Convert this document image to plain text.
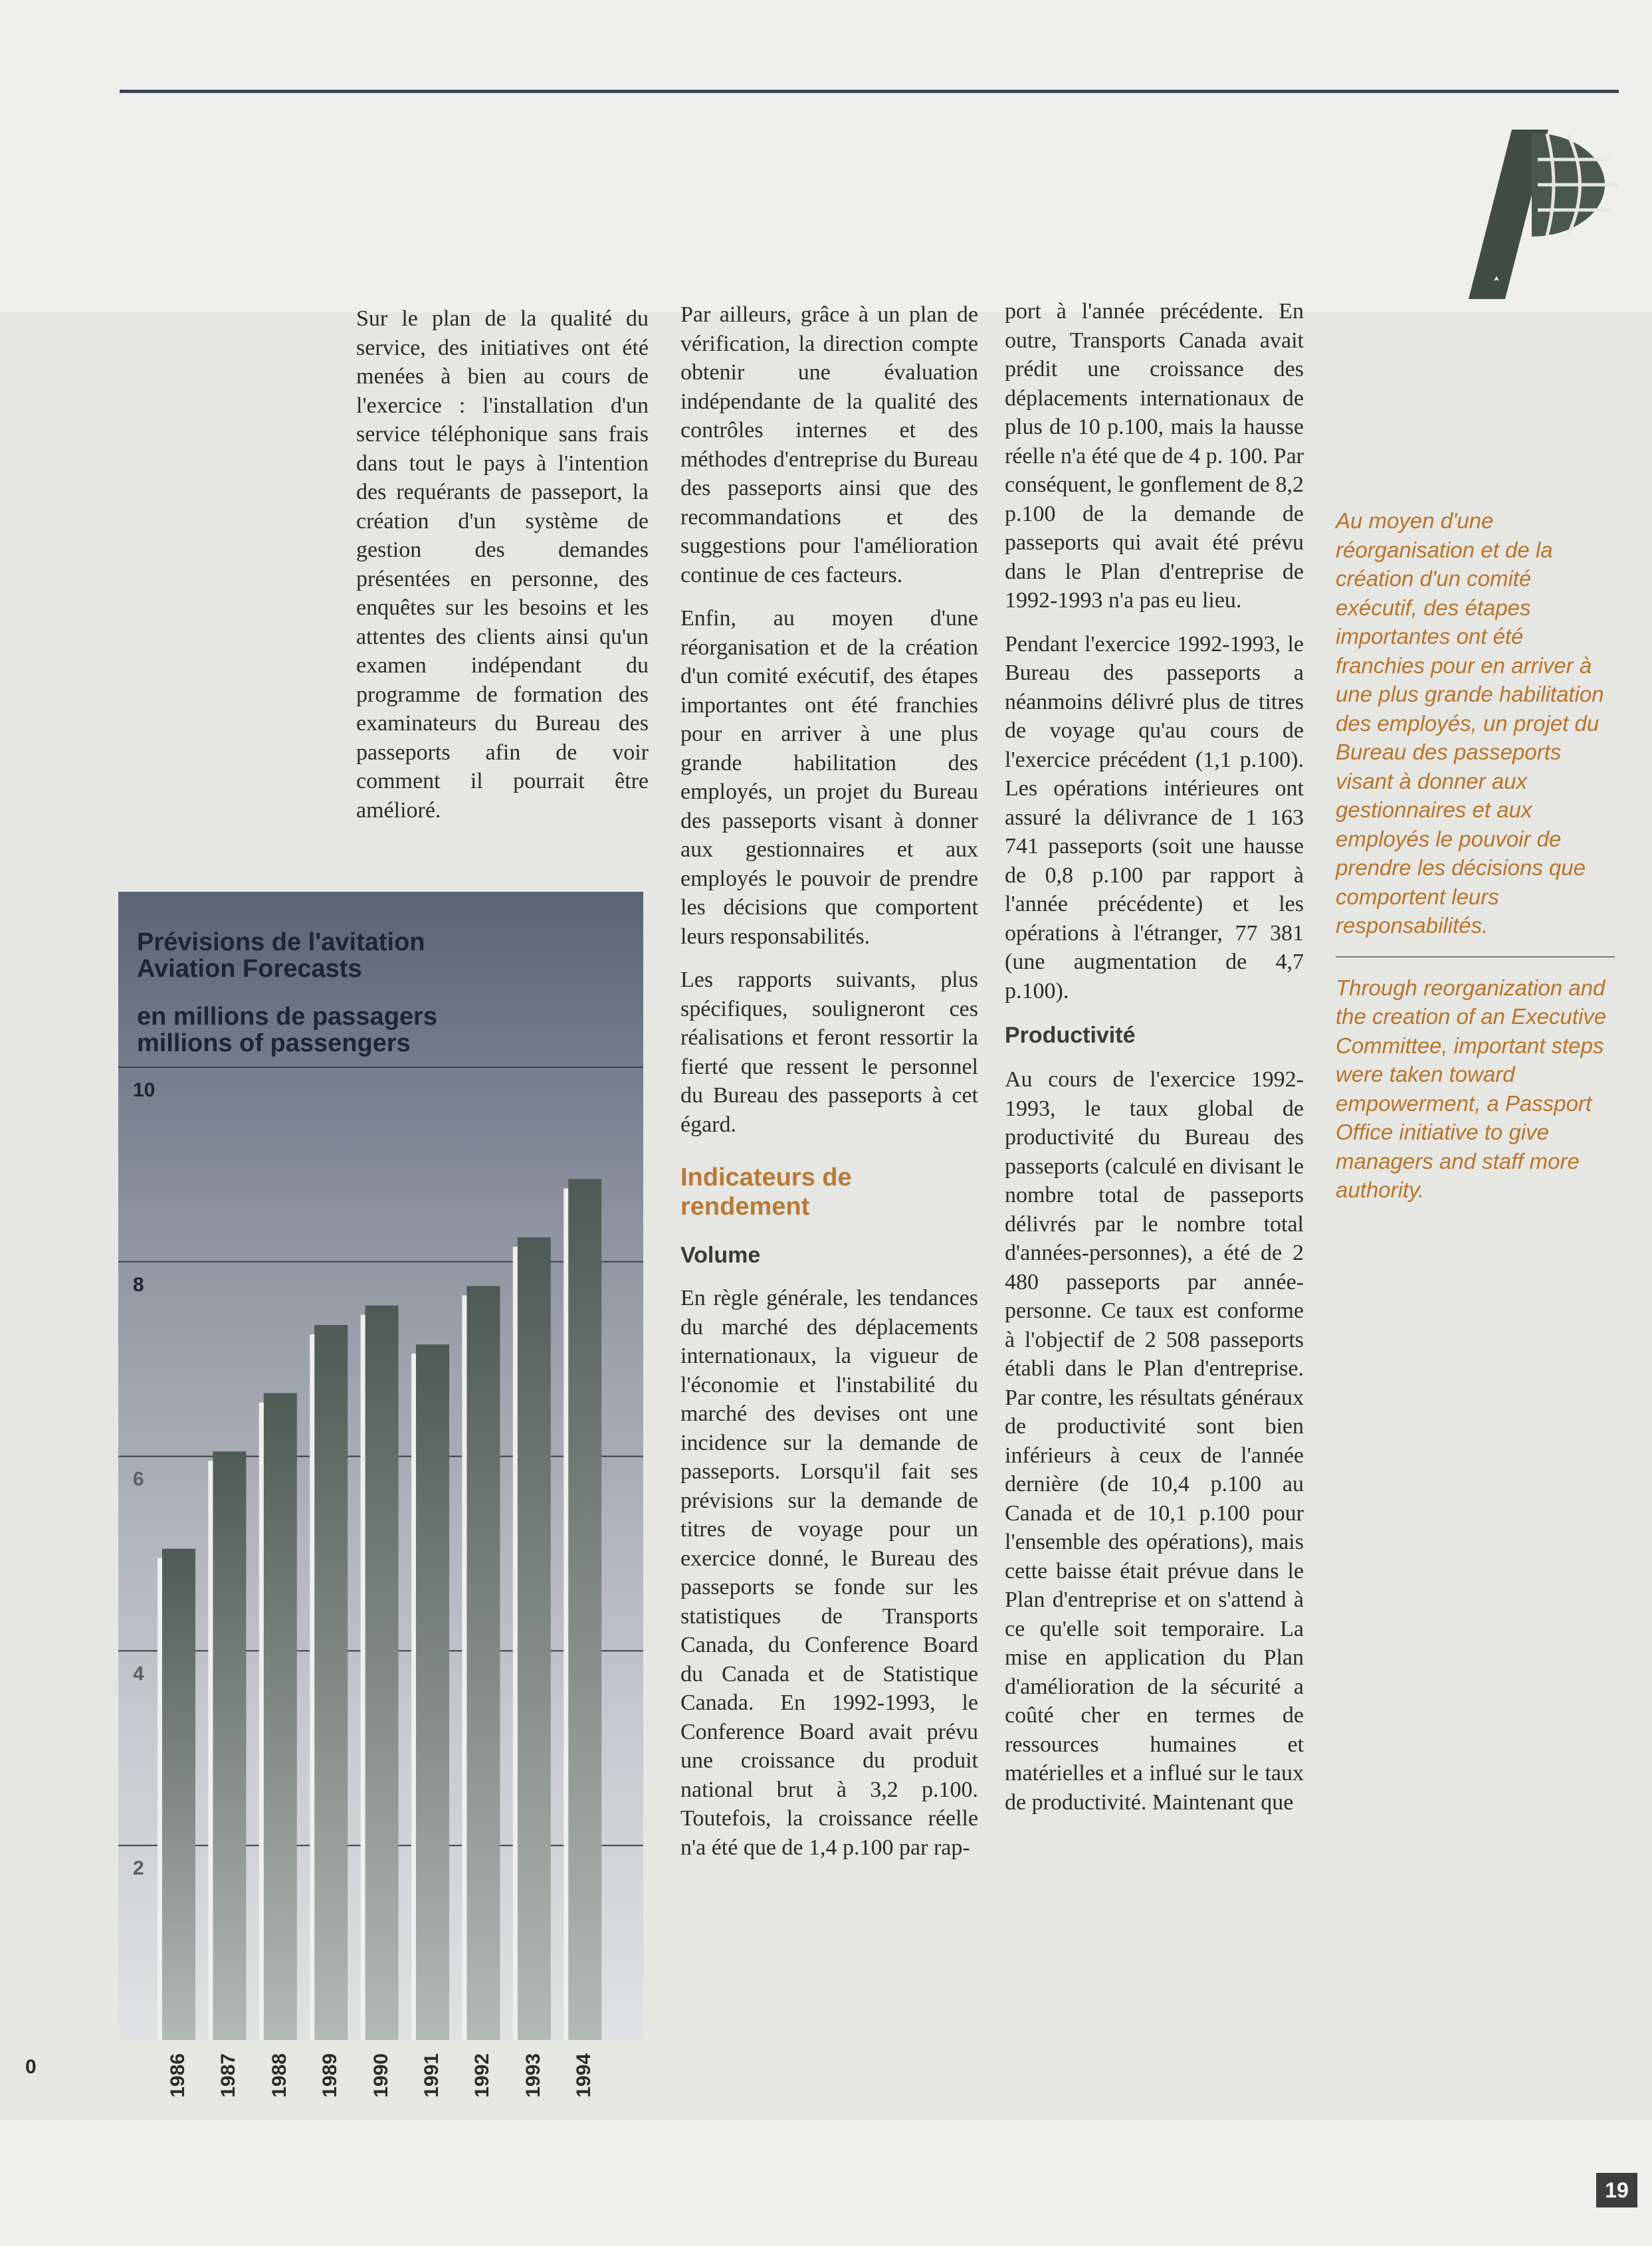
Sur le plan de la qualité du service, des initiatives ont été menées à bien au cours de l'exercice : l'installation d'un service téléphonique sans frais dans tout le pays à l'intention des requérants de passeport, la création d'un système de gestion des demandes présentées en personne, des enquêtes sur les besoins et les attentes des clients ainsi qu'un examen indépendant du programme de formation des examinateurs du Bureau des passeports afin de voir comment il pourrait être amélioré.

Par ailleurs, grâce à un plan de vérification, la direction compte obtenir une évaluation indépendante de la qualité des contrôles internes et des méthodes d'entreprise du Bureau des passeports ainsi que des recommandations et des suggestions pour l'amélioration continue de ces facteurs.

Enfin, au moyen d'une réorganisation et de la création d'un comité exécutif, des étapes importantes ont été franchies pour en arriver à une plus grande habilitation des employés, un projet du Bureau des passeports visant à donner aux gestionnaires et aux employés le pouvoir de prendre les décisions que comportent leurs responsabilités.

Les rapports suivants, plus spécifiques, souligneront ces réalisations et feront ressortir la fierté que ressent le personnel du Bureau des passeports à cet égard.

Indicateurs de rendement
Volume

En règle générale, les tendances du marché des déplacements internationaux, la vigueur de l'économie et l'instabilité du marché des devises ont une incidence sur la demande de passeports. Lorsqu'il fait ses prévisions sur la demande de titres de voyage pour un exercice donné, le Bureau des passeports se fonde sur les statistiques de Transports Canada, du Conference Board du Canada et de Statistique Canada. En 1992-1993, le Conference Board avait prévu une croissance du produit national brut à 3,2 p.100. Toutefois, la croissance réelle n'a été que de 1,4 p.100 par rap-

port à l'année précédente. En outre, Transports Canada avait prédit une croissance des déplacements internationaux de plus de 10 p.100, mais la hausse réelle n'a été que de 4 p. 100. Par conséquent, le gonflement de 8,2 p.100 de la demande de passeports qui avait été prévu dans le Plan d'entreprise de 1992-1993 n'a pas eu lieu.

Pendant l'exercice 1992-1993, le Bureau des passeports a néanmoins délivré plus de titres de voyage qu'au cours de l'exercice précédent (1,1 p.100). Les opérations intérieures ont assuré la délivrance de 1 163 741 passeports (soit une hausse de 0,8 p.100 par rapport à l'année précédente) et les opérations à l'étranger, 77 381 (une augmentation de 4,7 p.100).

Productivité

Au cours de l'exercice 1992-1993, le taux global de productivité du Bureau des passeports (calculé en divisant le nombre total de passeports délivrés par le nombre total d'années-personnes), a été de 2 480 passeports par année-personne. Ce taux est conforme à l'objectif de 2 508 passeports établi dans le Plan d'entreprise. Par contre, les résultats généraux de productivité sont bien inférieurs à ceux de l'année dernière (de 10,4 p.100 au Canada et de 10,1 p.100 pour l'ensemble des opérations), mais cette baisse était prévue dans le Plan d'entreprise et on s'attend à ce qu'elle soit temporaire. La mise en application du Plan d'amélioration de la sécurité a coûté cher en termes de ressources humaines et matérielles et a influé sur le taux de productivité. Maintenant que

Au moyen d'une réorganisation et de la création d'un comité exécutif, des étapes importantes ont été franchies pour en arriver à une plus grande habilitation des employés, un projet du Bureau des passeports visant à donner aux gestionnaires et aux employés le pouvoir de prendre les décisions que comportent leurs responsabilités.

Through reorganization and the creation of an Executive Committee, important steps were taken toward empowerment, a Passport Office initiative to give managers and staff more authority.

2
4
6
8
10
Prévisions de l'avitation
Aviation Forecasts
en millions de passagers
millions of passengers
1986 1987 1988 1989 1990 1991 1992 1993 1994
19
0
